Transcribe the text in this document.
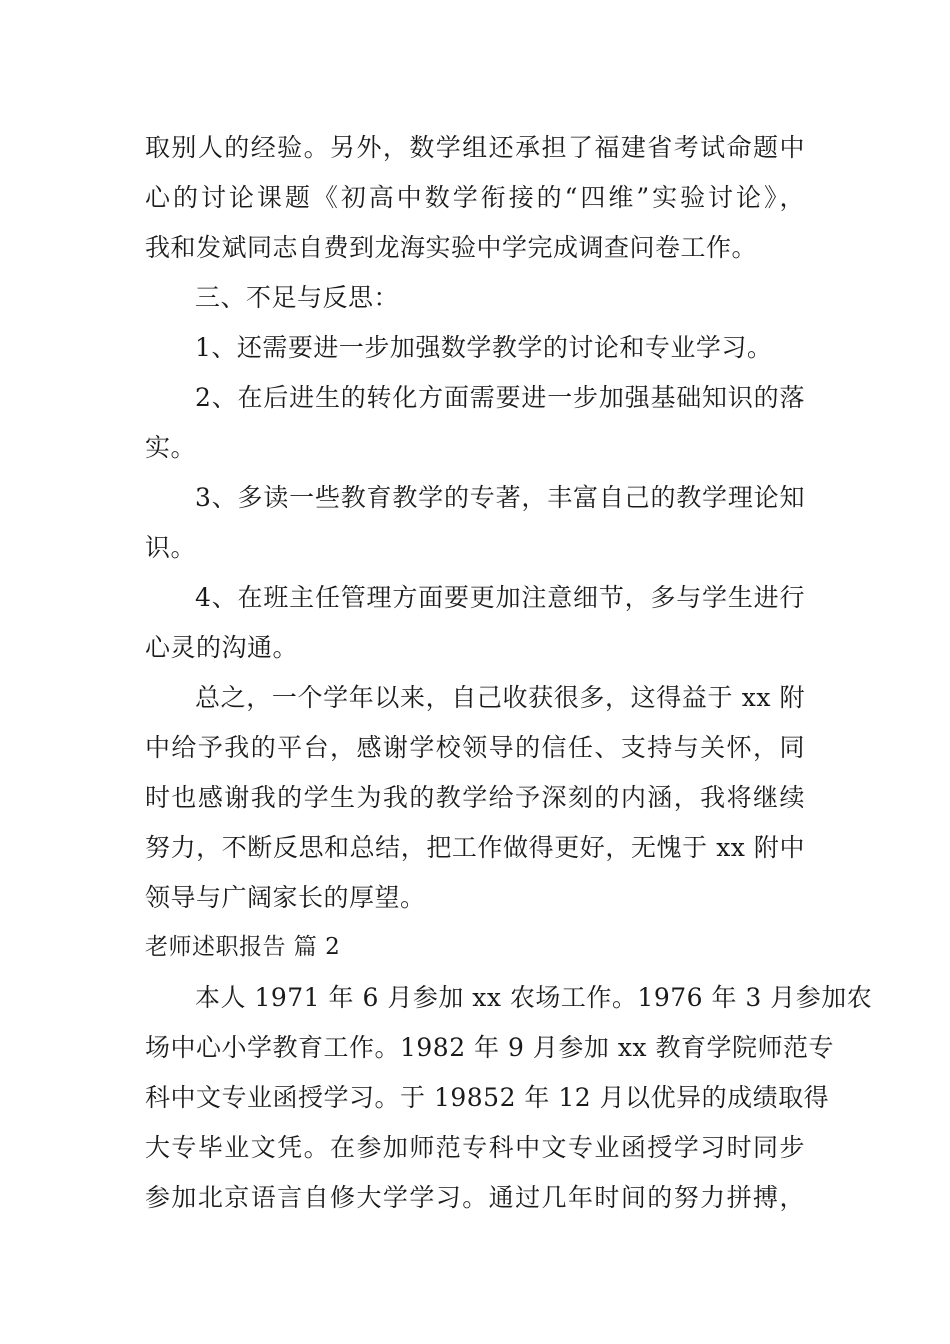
取别人的经验。另外，数学组还承担了福建省考试命题中
心的讨论课题《初高中数学衔接的“四维”实验讨论》，
我和发斌同志自费到龙海实验中学完成调查问卷工作。
三、不足与反思：
1、还需要进一步加强数学教学的讨论和专业学习。
2、在后进生的转化方面需要进一步加强基础知识的落
实。
3、多读一些教育教学的专著，丰富自己的教学理论知
识。
4、在班主任管理方面要更加注意细节，多与学生进行
心灵的沟通。
总之，一个学年以来，自己收获很多，这得益于 xx 附
中给予我的平台，感谢学校领导的信任、支持与关怀，同
时也感谢我的学生为我的教学给予深刻的内涵，我将继续
努力，不断反思和总结，把工作做得更好，无愧于 xx 附中
领导与广阔家长的厚望。
老师述职报告 篇 2
本人 1971 年 6 月参加 xx 农场工作。1976 年 3 月参加农
场中心小学教育工作。1982 年 9 月参加 xx 教育学院师范专
科中文专业函授学习。于 19852 年 12 月以优异的成绩取得
大专毕业文凭。在参加师范专科中文专业函授学习时同步
参加北京语言自修大学学习。通过几年时间的努力拼搏，
